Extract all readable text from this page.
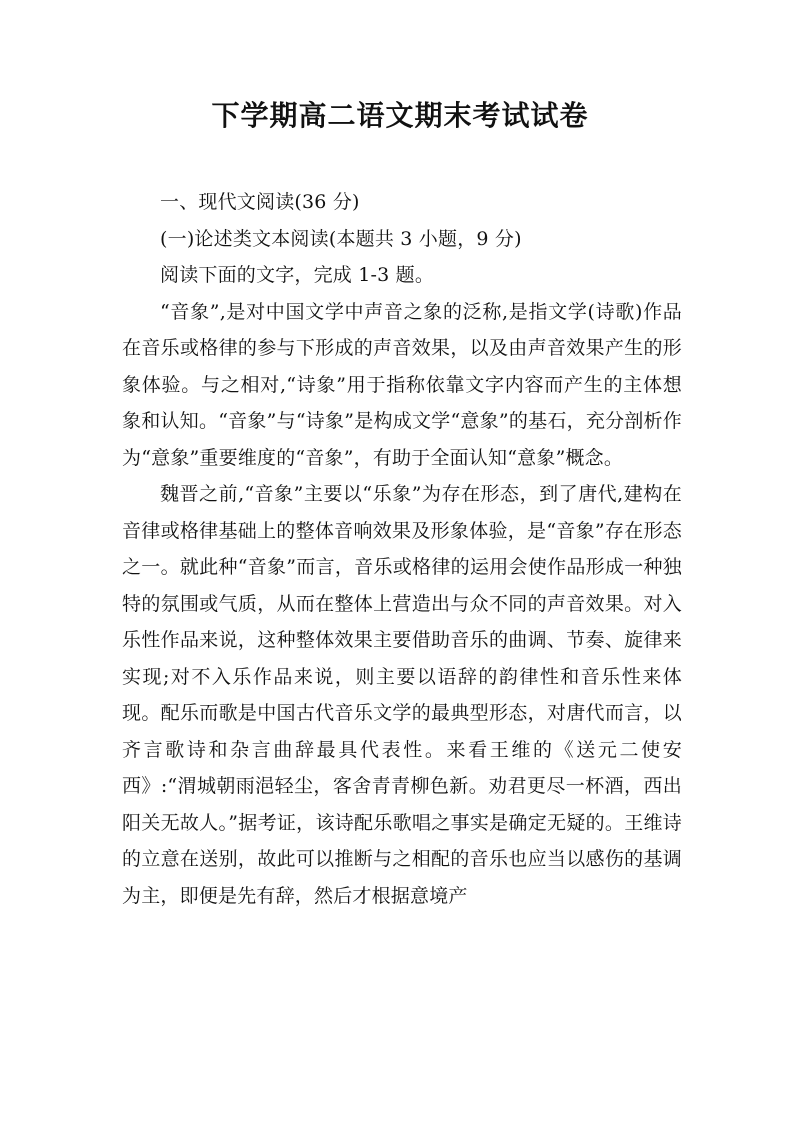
下学期高二语文期末考试试卷

一、现代文阅读(36 分)

(一)论述类文本阅读(本题共 3 小题，9 分)

阅读下面的文字，完成 1-3 题。

“音象”,是对中国文学中声音之象的泛称,是指文学(诗歌)作品在音乐或格律的参与下形成的声音效果，以及由声音效果产生的形象体验。与之相对,“诗象”用于指称依靠文字内容而产生的主体想象和认知。“音象”与“诗象”是构成文学“意象”的基石，充分剖析作为“意象”重要维度的“音象”，有助于全面认知“意象”概念。

魏晋之前,“音象”主要以“乐象”为存在形态，到了唐代,建构在音律或格律基础上的整体音响效果及形象体验，是“音象”存在形态之一。就此种“音象”而言，音乐或格律的运用会使作品形成一种独特的氛围或气质，从而在整体上营造出与众不同的声音效果。对入乐性作品来说，这种整体效果主要借助音乐的曲调、节奏、旋律来实现;对不入乐作品来说，则主要以语辞的韵律性和音乐性来体现。配乐而歌是中国古代音乐文学的最典型形态，对唐代而言，以齐言歌诗和杂言曲辞最具代表性。来看王维的《送元二使安西》:“渭城朝雨浥轻尘，客舍青青柳色新。劝君更尽一杯酒，西出阳关无故人。”据考证，该诗配乐歌唱之事实是确定无疑的。王维诗的立意在送别，故此可以推断与之相配的音乐也应当以感伤的基调为主，即便是先有辞，然后才根据意境产
